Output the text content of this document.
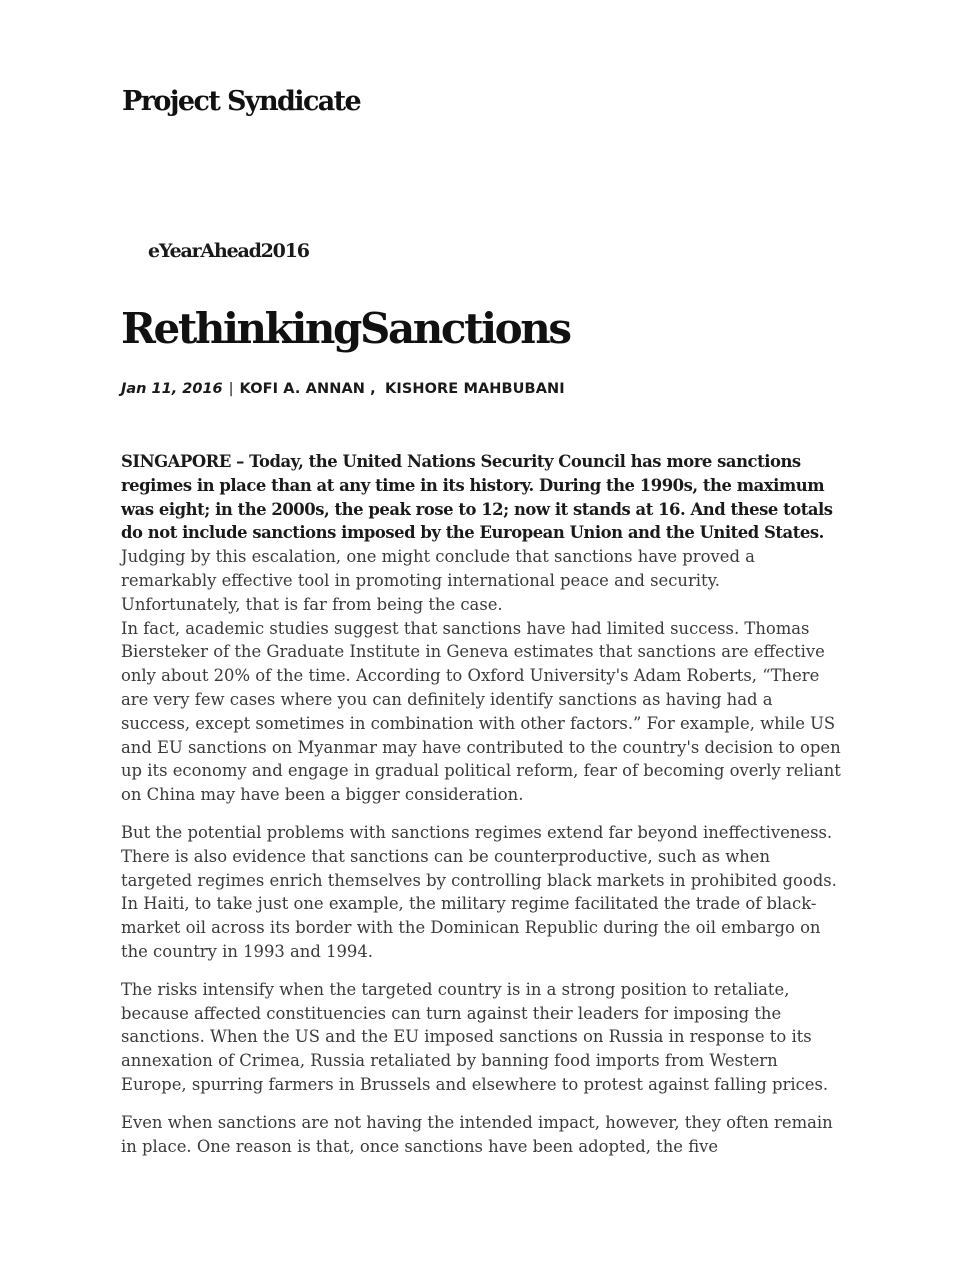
Project Syndicate
eYearAhead2016
RethinkingSanctions
Jan 11, 2016 | KOFI A. ANNAN , KISHORE MAHBUBANI

SINGAPORE – Today, the United Nations Security Council has more sanctions regimes in place than at any time in its history. During the 1990s, the maximum was eight; in the 2000s, the peak rose to 12; now it stands at 16. And these totals do not include sanctions imposed by the European Union and the United States.

Judging by this escalation, one might conclude that sanctions have proved a remarkably effective tool in promoting international peace and security. Unfortunately, that is far from being the case.

In fact, academic studies suggest that sanctions have had limited success. Thomas Biersteker of the Graduate Institute in Geneva estimates that sanctions are effective only about 20% of the time. According to Oxford University's Adam Roberts, “There are very few cases where you can definitely identify sanctions as having had a success, except sometimes in combination with other factors.” For example, while US and EU sanctions on Myanmar may have contributed to the country's decision to open up its economy and engage in gradual political reform, fear of becoming overly reliant on China may have been a bigger consideration.

But the potential problems with sanctions regimes extend far beyond ineffectiveness. There is also evidence that sanctions can be counterproductive, such as when targeted regimes enrich themselves by controlling black markets in prohibited goods. In Haiti, to take just one example, the military regime facilitated the trade of black-market oil across its border with the Dominican Republic during the oil embargo on the country in 1993 and 1994.

The risks intensify when the targeted country is in a strong position to retaliate, because affected constituencies can turn against their leaders for imposing the sanctions. When the US and the EU imposed sanctions on Russia in response to its annexation of Crimea, Russia retaliated by banning food imports from Western Europe, spurring farmers in Brussels and elsewhere to protest against falling prices.

Even when sanctions are not having the intended impact, however, they often remain in place. One reason is that, once sanctions have been adopted, the five
